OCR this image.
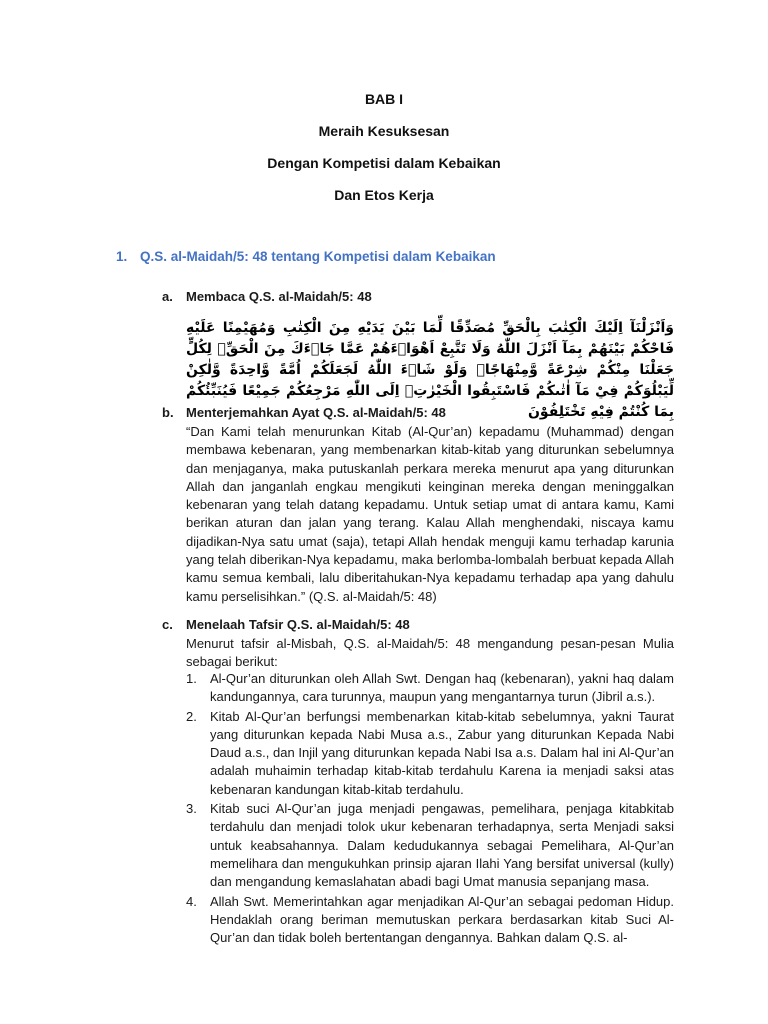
BAB I
Meraih Kesuksesan
Dengan Kompetisi dalam Kebaikan
Dan Etos Kerja
1. Q.S. al-Maidah/5: 48 tentang Kompetisi dalam Kebaikan
a. Membaca Q.S. al-Maidah/5: 48
وَاَنْزَلْنَآ اِلَيْكَ الْكِتٰبَ بِالْحَقِّ مُصَدِّقًا لِّمَا بَيْنَ يَدَيْهِ مِنَ الْكِتٰبِ وَمُهَيْمِنًا عَلَيْهِ فَاحْكُمْ بَيْنَهُمْ بِمَآ اَنْزَلَ اللّٰهُ وَلَا تَتَّبِعْ اَهْوَاۤءَهُمْ عَمَّا جَاۤءَكَ مِنَ الْحَقِّۗ لِكُلٍّ جَعَلْنَا مِنْكُمْ شِرْعَةً وَّمِنْهَاجًاۗ وَلَوْ شَاۤءَ اللّٰهُ لَجَعَلَكُمْ اُمَّةً وَّاحِدَةً وَّلٰكِنْ لِّيَبْلُوَكُمْ فِيْ مَآ اٰتٰىكُمْ فَاسْتَبِقُوا الْخَيْرٰتِۗ اِلَى اللّٰهِ مَرْجِعُكُمْ جَمِيْعًا فَيُنَبِّئُكُمْ بِمَا كُنْتُمْ فِيْهِ تَخْتَلِفُوْنَ
b. Menterjemahkan Ayat Q.S. al-Maidah/5: 48
“Dan Kami telah menurunkan Kitab (Al-Qur’an) kepadamu (Muhammad) dengan membawa kebenaran, yang membenarkan kitab-kitab yang diturunkan sebelumnya dan menjaganya, maka putuskanlah perkara mereka menurut apa yang diturunkan Allah dan janganlah engkau mengikuti keinginan mereka dengan meninggalkan kebenaran yang telah datang kepadamu. Untuk setiap umat di antara kamu, Kami berikan aturan dan jalan yang terang. Kalau Allah menghendaki, niscaya kamu dijadikan-Nya satu umat (saja), tetapi Allah hendak menguji kamu terhadap karunia yang telah diberikan-Nya kepadamu, maka berlomba-lombalah berbuat kepada Allah kamu semua kembali, lalu diberitahukan-Nya kepadamu terhadap apa yang dahulu kamu perselisihkan.” (Q.S. al-Maidah/5: 48)
c. Menelaah Tafsir Q.S. al-Maidah/5: 48
Menurut tafsir al-Misbah, Q.S. al-Maidah/5: 48 mengandung pesan-pesan Mulia sebagai berikut:
1. Al-Qur’an diturunkan oleh Allah Swt. Dengan haq (kebenaran), yakni haq dalam kandungannya, cara turunnya, maupun yang mengantarnya turun (Jibril a.s.).
2. Kitab Al-Qur’an berfungsi membenarkan kitab-kitab sebelumnya, yakni Taurat yang diturunkan kepada Nabi Musa a.s., Zabur yang diturunkan Kepada Nabi Daud a.s., dan Injil yang diturunkan kepada Nabi Isa a.s. Dalam hal ini Al-Qur’an adalah muhaimin terhadap kitab-kitab terdahulu Karena ia menjadi saksi atas kebenaran kandungan kitab-kitab terdahulu.
3. Kitab suci Al-Qur’an juga menjadi pengawas, pemelihara, penjaga kitabkitab terdahulu dan menjadi tolok ukur kebenaran terhadapnya, serta Menjadi saksi untuk keabsahannya. Dalam kedudukannya sebagai Pemelihara, Al-Qur’an memelihara dan mengukuhkan prinsip ajaran Ilahi Yang bersifat universal (kully) dan mengandung kemaslahatan abadi bagi Umat manusia sepanjang masa.
4. Allah Swt. Memerintahkan agar menjadikan Al-Qur’an sebagai pedoman Hidup. Hendaklah orang beriman memutuskan perkara berdasarkan kitab Suci Al-Qur’an dan tidak boleh bertentangan dengannya. Bahkan dalam Q.S. al-
